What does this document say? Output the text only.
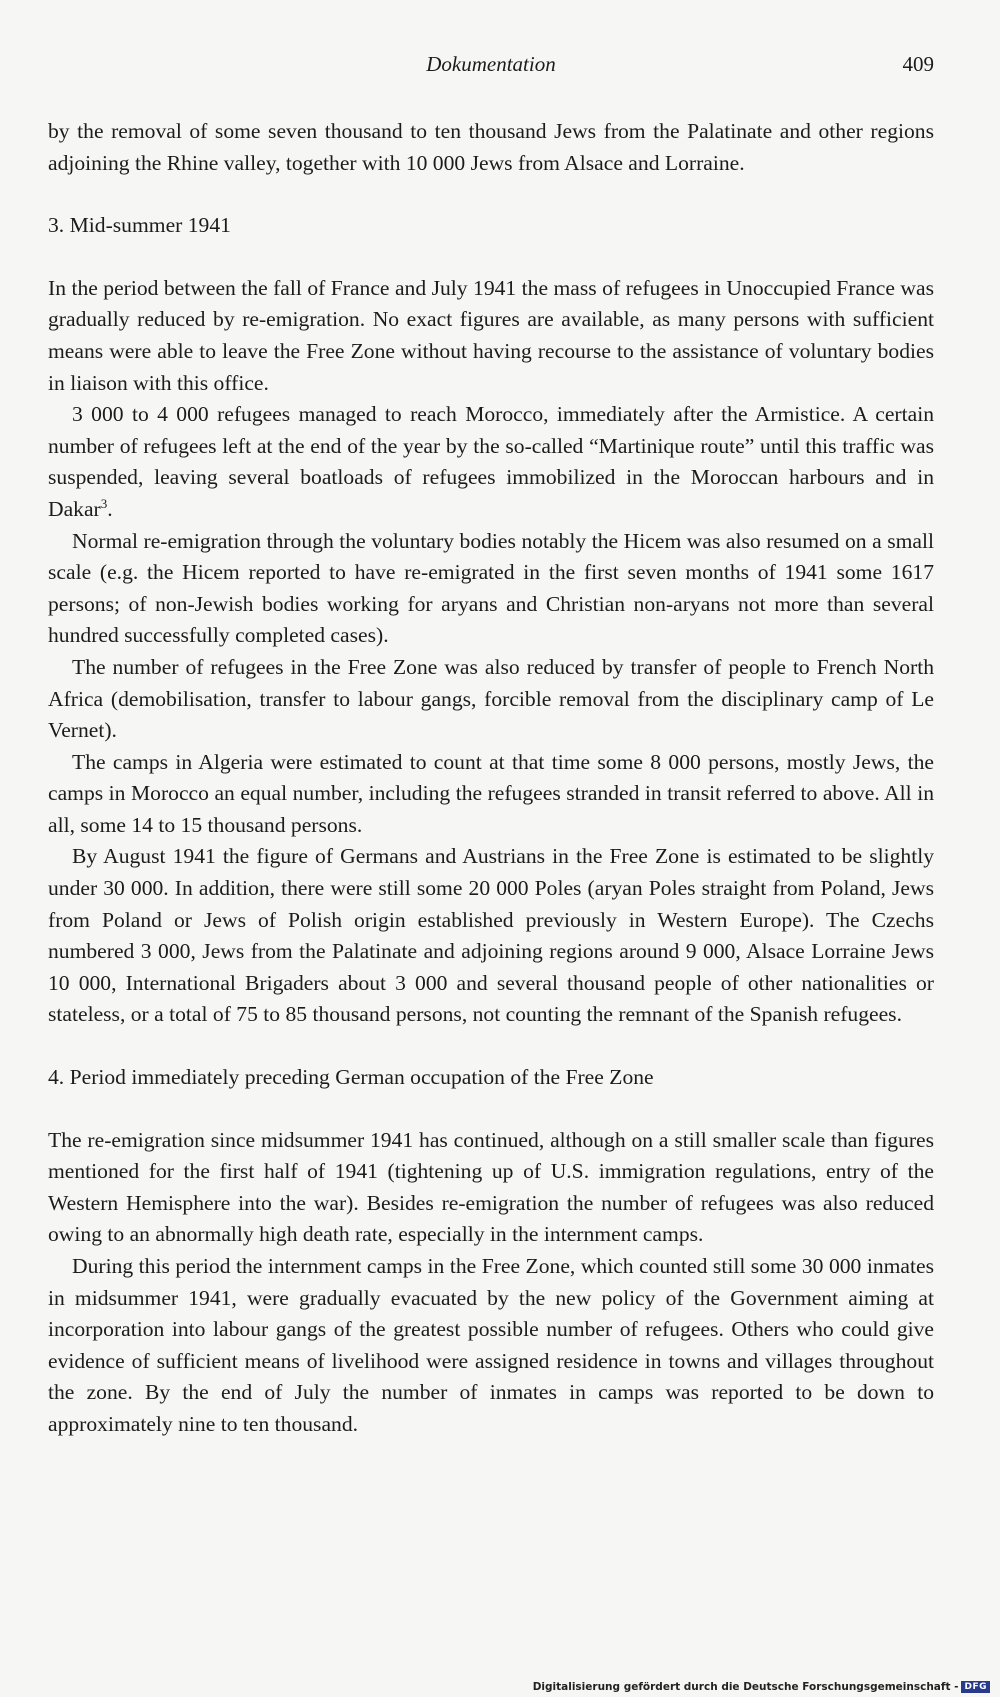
Dokumentation	409

by the removal of some seven thousand to ten thousand Jews from the Palatinate and other regions adjoining the Rhine valley, together with 10 000 Jews from Alsace and Lorraine.

3. Mid-summer 1941

In the period between the fall of France and July 1941 the mass of refugees in Unoccupied France was gradually reduced by re-emigration. No exact figures are available, as many persons with sufficient means were able to leave the Free Zone without having recourse to the assistance of voluntary bodies in liaison with this office.

3 000 to 4 000 refugees managed to reach Morocco, immediately after the Armistice. A certain number of refugees left at the end of the year by the so-called “Martinique route” until this traffic was suspended, leaving several boatloads of refugees immobilized in the Moroccan harbours and in Dakar$^3$.

Normal re-emigration through the voluntary bodies notably the Hicem was also resumed on a small scale (e.g. the Hicem reported to have re-emigrated in the first seven months of 1941 some 1617 persons; of non-Jewish bodies working for aryans and Christian non-aryans not more than several hundred successfully completed cases).

The number of refugees in the Free Zone was also reduced by transfer of people to French North Africa (demobilisation, transfer to labour gangs, forcible removal from the disciplinary camp of Le Vernet).

The camps in Algeria were estimated to count at that time some 8 000 persons, mostly Jews, the camps in Morocco an equal number, including the refugees stranded in transit referred to above. All in all, some 14 to 15 thousand persons.

By August 1941 the figure of Germans and Austrians in the Free Zone is estimated to be slightly under 30 000. In addition, there were still some 20 000 Poles (aryan Poles straight from Poland, Jews from Poland or Jews of Polish origin established previously in Western Europe). The Czechs numbered 3 000, Jews from the Palatinate and adjoining regions around 9 000, Alsace Lorraine Jews 10 000, International Brigaders about 3 000 and several thousand people of other nationalities or stateless, or a total of 75 to 85 thousand persons, not counting the remnant of the Spanish refugees.

4. Period immediately preceding German occupation of the Free Zone

The re-emigration since midsummer 1941 has continued, although on a still smaller scale than figures mentioned for the first half of 1941 (tightening up of U.S. immigration regulations, entry of the Western Hemisphere into the war). Besides re-emigration the number of refugees was also reduced owing to an abnormally high death rate, especially in the internment camps.

During this period the internment camps in the Free Zone, which counted still some 30 000 inmates in midsummer 1941, were gradually evacuated by the new policy of the Government aiming at incorporation into labour gangs of the greatest possible number of refugees. Others who could give evidence of sufficient means of livelihood were assigned residence in towns and villages throughout the zone. By the end of July the number of inmates in camps was reported to be down to approximately nine to ten thousand.

Digitalisierung gefördert durch die Deutsche Forschungsgemeinschaft - DFG
